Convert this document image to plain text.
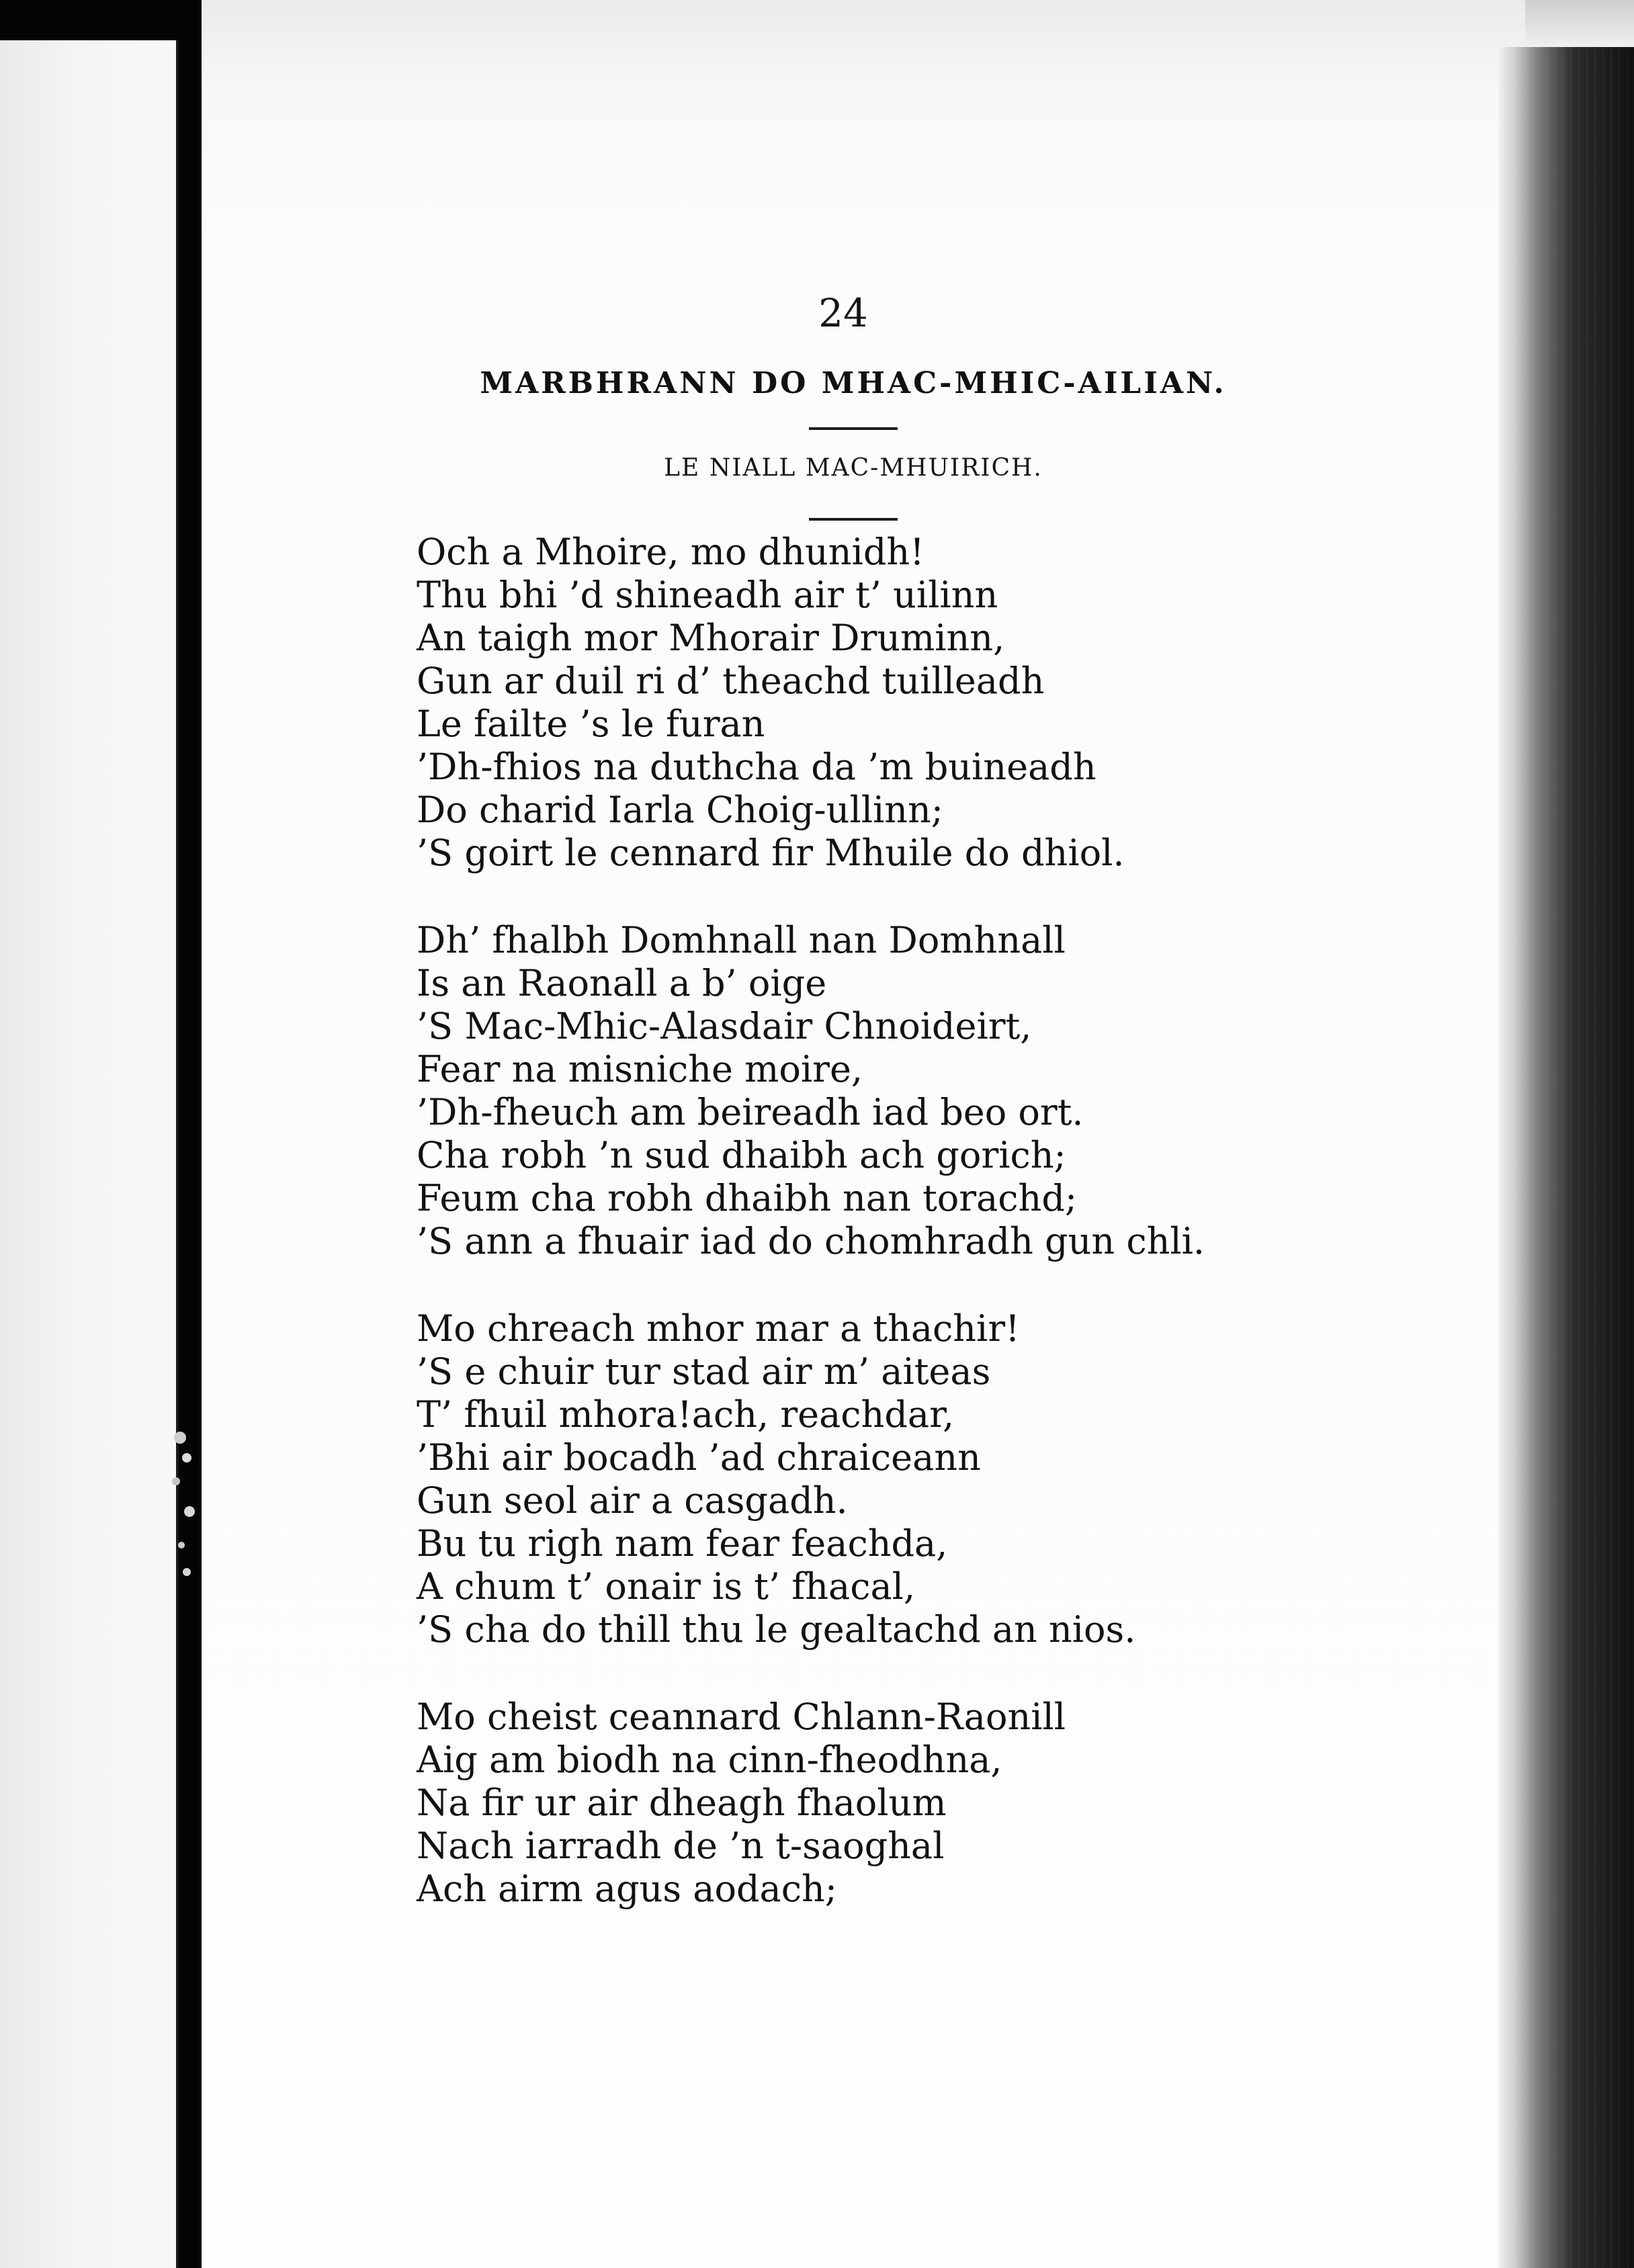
24
MARBHRANN DO MHAC-MHIC-AILIAN.
LE NIALL MAC-MHUIRICH.
Och a Mhoire, mo dhunidh!
Thu bhi ’d shineadh air t’ uilinn
An taigh mor Mhorair Druminn,
Gun ar duil ri d’ theachd tuilleadh
Le failte ’s le furan
’Dh-fhios na duthcha da ’m buineadh
Do charid Iarla Choig-ullinn;
’S goirt le cennard fir Mhuile do dhiol.
Dh’ fhalbh Domhnall nan Domhnall
Is an Raonall a b’ oige
’S Mac-Mhic-Alasdair Chnoideirt,
Fear na misniche moire,
’Dh-fheuch am beireadh iad beo ort.
Cha robh ’n sud dhaibh ach gorich;
Feum cha robh dhaibh nan torachd;
’S ann a fhuair iad do chomhradh gun chli.
Mo chreach mhor mar a thachir!
’S e chuir tur stad air m’ aiteas
T’ fhuil mhora!ach, reachdar,
’Bhi air bocadh ’ad chraiceann
Gun seol air a casgadh.
Bu tu righ nam fear feachda,
A chum t’ onair is t’ fhacal,
’S cha do thill thu le gealtachd an nios.
Mo cheist ceannard Chlann-Raonill
Aig am biodh na cinn-fheodhna,
Na fir ur air dheagh fhaolum
Nach iarradh de ’n t-saoghal
Ach airm agus aodach;
